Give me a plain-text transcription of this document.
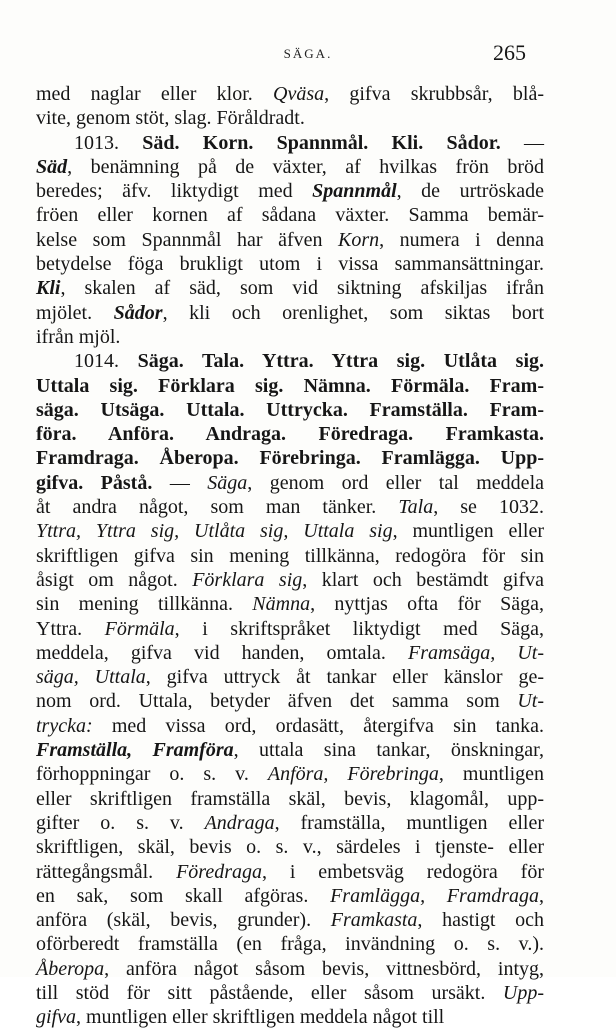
SÄGA.	265
med naglar eller klor. Qväsa, gifva skrubbsår, blå-
vite, genom stöt, slag. Föråldradt.
1013. Säd. Korn. Spannmål. Kli. Sådor. —
Säd, benämning på de växter, af hvilkas frön bröd
beredes; äfv. liktydigt med Spannmål, de urtröskade
fröen eller kornen af sådana växter. Samma bemär-
kelse som Spannmål har äfven Korn, numera i denna
betydelse föga brukligt utom i vissa sammansättningar.
Kli, skalen af säd, som vid siktning afskiljas ifrån
mjölet. Sådor, kli och orenlighet, som siktas bort
ifrån mjöl.
1014. Säga. Tala. Yttra. Yttra sig. Utlåta sig.
Uttala sig. Förklara sig. Nämna. Förmäla. Fram-
säga. Utsäga. Uttala. Uttrycka. Framställa. Fram-
föra. Anföra. Andraga. Föredraga. Framkasta.
Framdraga. Åberopa. Förebringa. Framlägga. Upp-
gifva. Påstå. — Säga, genom ord eller tal meddela
åt andra något, som man tänker. Tala, se 1032.
Yttra, Yttra sig, Utlåta sig, Uttala sig, muntligen eller
skriftligen gifva sin mening tillkänna, redogöra för sin
åsigt om något. Förklara sig, klart och bestämdt gifva
sin mening tillkänna. Nämna, nyttjas ofta för Säga,
Yttra. Förmäla, i skriftspråket liktydigt med Säga,
meddela, gifva vid handen, omtala. Framsäga, Ut-
säga, Uttala, gifva uttryck åt tankar eller känslor ge-
nom ord. Uttala, betyder äfven det samma som Ut-
trycka: med vissa ord, ordasätt, återgifva sin tanka.
Framställa, Framföra, uttala sina tankar, önskningar,
förhoppningar o. s. v. Anföra, Förebringa, muntligen
eller skriftligen framställa skäl, bevis, klagomål, upp-
gifter o. s. v. Andraga, framställa, muntligen eller
skriftligen, skäl, bevis o. s. v., särdeles i tjenste- eller
rättegångsmål. Föredraga, i embetsväg redogöra för
en sak, som skall afgöras. Framlägga, Framdraga,
anföra (skäl, bevis, grunder). Framkasta, hastigt och
oförberedt framställa (en fråga, invändning o. s. v.).
Åberopa, anföra något såsom bevis, vittnesbörd, intyg,
till stöd för sitt påstående, eller såsom ursäkt. Upp-
gifva, muntligen eller skriftligen meddela något till
